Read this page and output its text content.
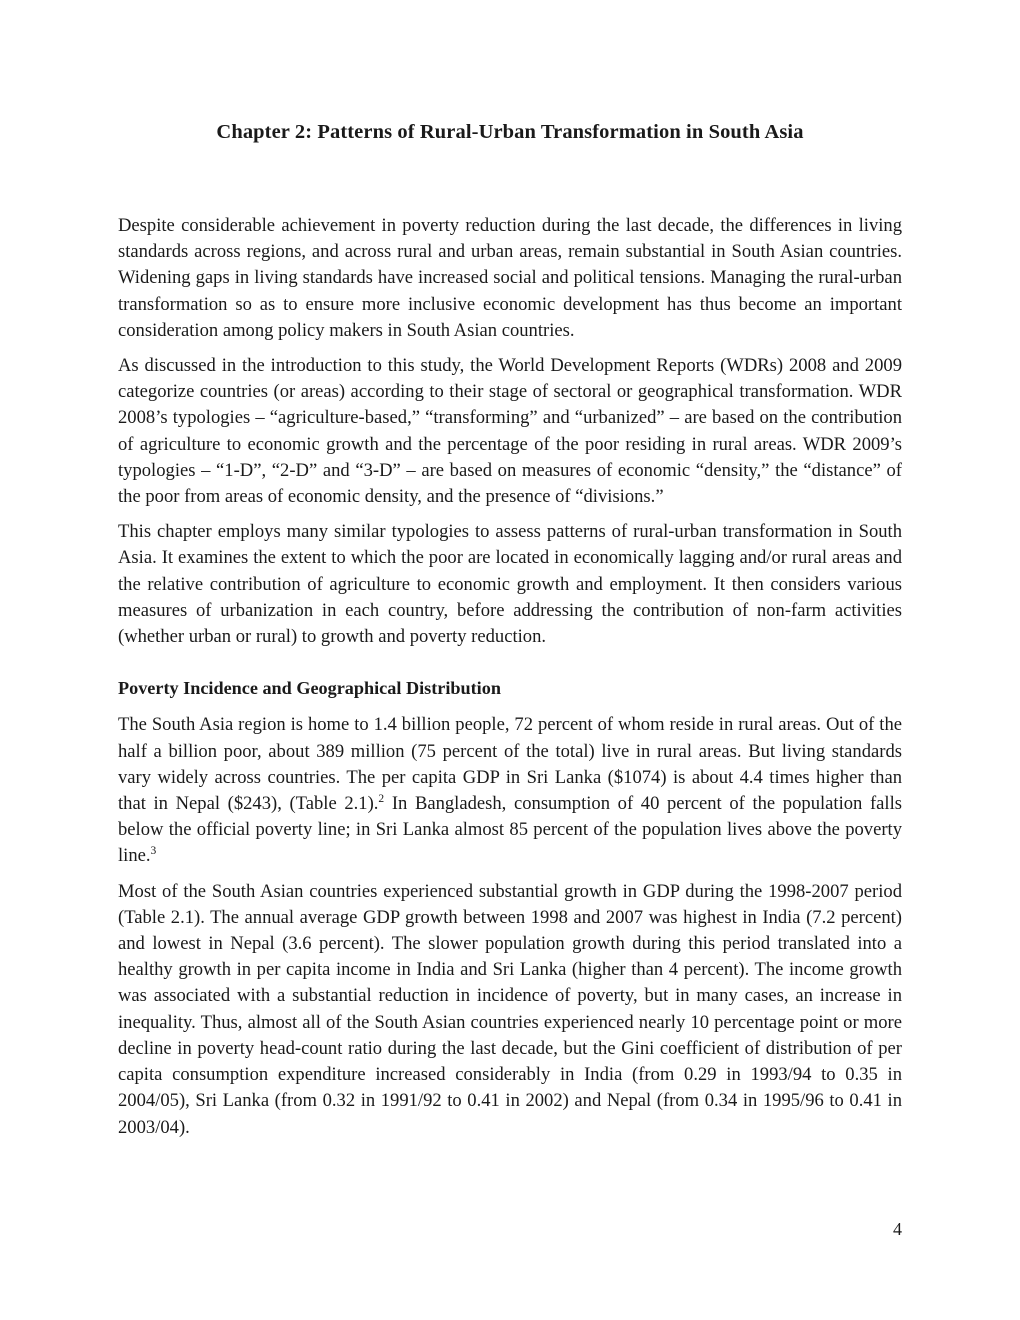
Chapter 2: Patterns of Rural-Urban Transformation in South Asia

Despite considerable achievement in poverty reduction during the last decade, the differences in living standards across regions, and across rural and urban areas, remain substantial in South Asian countries. Widening gaps in living standards have increased social and political tensions. Managing the rural-urban transformation so as to ensure more inclusive economic development has thus become an important consideration among policy makers in South Asian countries.

As discussed in the introduction to this study, the World Development Reports (WDRs) 2008 and 2009 categorize countries (or areas) according to their stage of sectoral or geographical transformation. WDR 2008’s typologies – “agriculture-based,” “transforming” and “urbanized” – are based on the contribution of agriculture to economic growth and the percentage of the poor residing in rural areas. WDR 2009’s typologies – “1-D”, “2-D” and “3-D” – are based on measures of economic “density,” the “distance” of the poor from areas of economic density, and the presence of “divisions.”

This chapter employs many similar typologies to assess patterns of rural-urban transformation in South Asia. It examines the extent to which the poor are located in economically lagging and/or rural areas and the relative contribution of agriculture to economic growth and employment. It then considers various measures of urbanization in each country, before addressing the contribution of non-farm activities (whether urban or rural) to growth and poverty reduction.

Poverty Incidence and Geographical Distribution

The South Asia region is home to 1.4 billion people, 72 percent of whom reside in rural areas. Out of the half a billion poor, about 389 million (75 percent of the total) live in rural areas. But living standards vary widely across countries. The per capita GDP in Sri Lanka ($1074) is about 4.4 times higher than that in Nepal ($243), (Table 2.1).$^2$ In Bangladesh, consumption of 40 percent of the population falls below the official poverty line; in Sri Lanka almost 85 percent of the population lives above the poverty line.$^3$

Most of the South Asian countries experienced substantial growth in GDP during the 1998-2007 period (Table 2.1). The annual average GDP growth between 1998 and 2007 was highest in India (7.2 percent) and lowest in Nepal (3.6 percent). The slower population growth during this period translated into a healthy growth in per capita income in India and Sri Lanka (higher than 4 percent). The income growth was associated with a substantial reduction in incidence of poverty, but in many cases, an increase in inequality. Thus, almost all of the South Asian countries experienced nearly 10 percentage point or more decline in poverty head-count ratio during the last decade, but the Gini coefficient of distribution of per capita consumption expenditure increased considerably in India (from 0.29 in 1993/94 to 0.35 in 2004/05), Sri Lanka (from 0.32 in 1991/92 to 0.41 in 2002) and Nepal (from 0.34 in 1995/96 to 0.41 in 2003/04).

4
